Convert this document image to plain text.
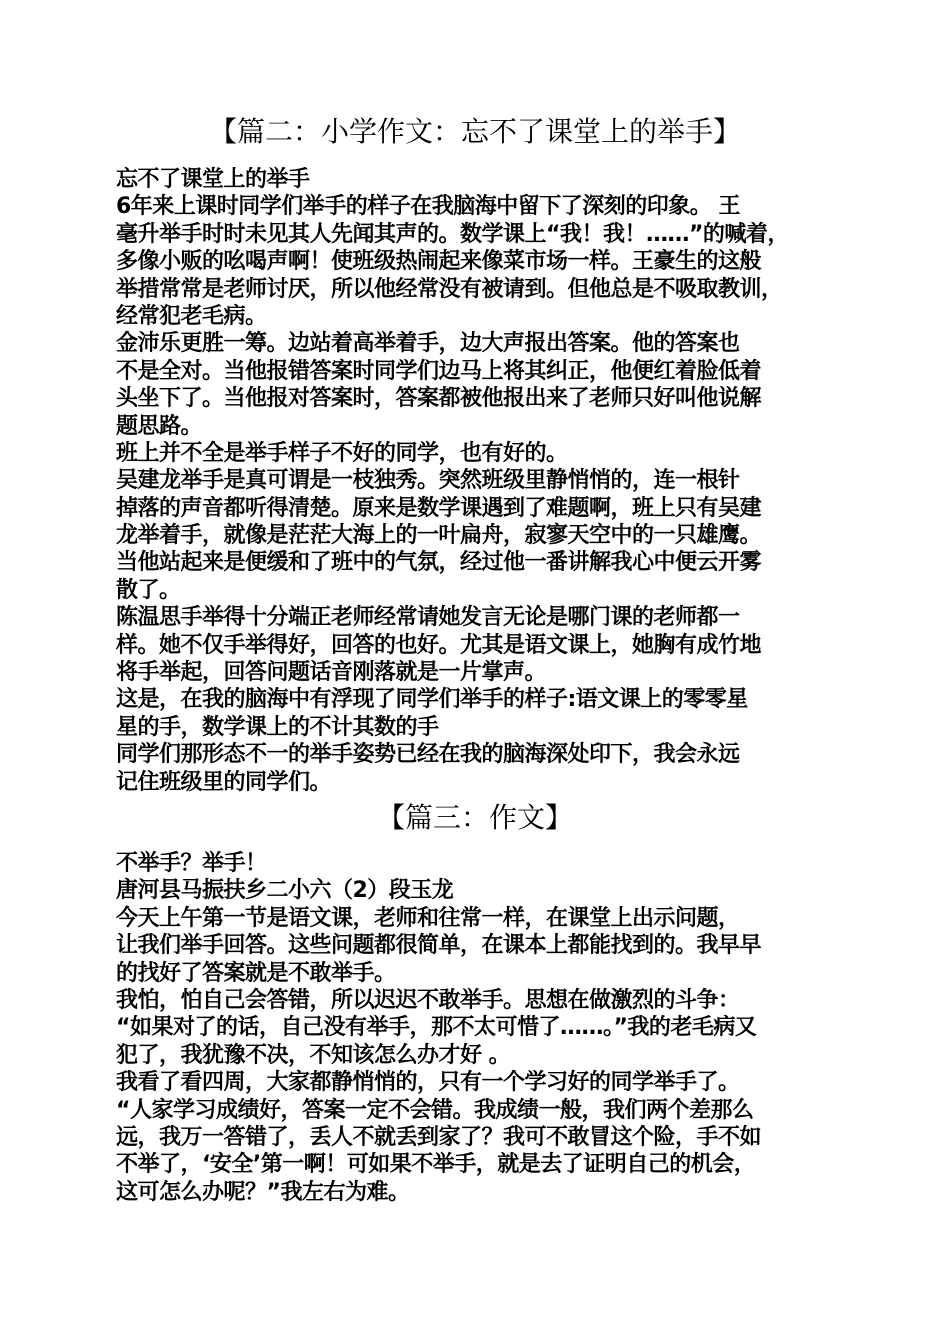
【篇二：小学作文：忘不了课堂上的举手】
忘不了课堂上的举手
6年来上课时同学们举手的样子在我脑海中留下了深刻的印象。 王
毫升举手时时未见其人先闻其声的。数学课上“我！我！……”的喊着，
多像小贩的吆喝声啊！使班级热闹起来像菜市场一样。王豪生的这般
举措常常是老师讨厌，所以他经常没有被请到。但他总是不吸取教训，
经常犯老毛病。
金沛乐更胜一筹。边站着高举着手，边大声报出答案。他的答案也
不是全对。当他报错答案时同学们边马上将其纠正，他便红着脸低着
头坐下了。当他报对答案时，答案都被他报出来了老师只好叫他说解
题思路。
班上并不全是举手样子不好的同学，也有好的。
吴建龙举手是真可谓是一枝独秀。突然班级里静悄悄的，连一根针
掉落的声音都听得清楚。原来是数学课遇到了难题啊，班上只有吴建
龙举着手，就像是茫茫大海上的一叶扁舟，寂寥天空中的一只雄鹰。
当他站起来是便缓和了班中的气氛，经过他一番讲解我心中便云开雾
散了。
陈温思手举得十分端正老师经常请她发言无论是哪门课的老师都一
样。她不仅手举得好，回答的也好。尤其是语文课上，她胸有成竹地
将手举起，回答问题话音刚落就是一片掌声。
这是，在我的脑海中有浮现了同学们举手的样子:语文课上的零零星
星的手，数学课上的不计其数的手
同学们那形态不一的举手姿势已经在我的脑海深处印下，我会永远
记住班级里的同学们。
【篇三：作文】
不举手？举手！
唐河县马振扶乡二小六（2）段玉龙
今天上午第一节是语文课，老师和往常一样，在课堂上出示问题，
让我们举手回答。这些问题都很简单，在课本上都能找到的。我早早
的找好了答案就是不敢举手。
我怕，怕自己会答错，所以迟迟不敢举手。思想在做激烈的斗争：
“如果对了的话，自己没有举手，那不太可惜了……。”我的老毛病又
犯了，我犹豫不决，不知该怎么办才好 。
我看了看四周，大家都静悄悄的，只有一个学习好的同学举手了。
“人家学习成绩好，答案一定不会错。我成绩一般，我们两个差那么
远，我万一答错了，丢人不就丢到家了？我可不敢冒这个险，手不如
不举了，‘安全’第一啊！可如果不举手，就是去了证明自己的机会，
这可怎么办呢？”我左右为难。
